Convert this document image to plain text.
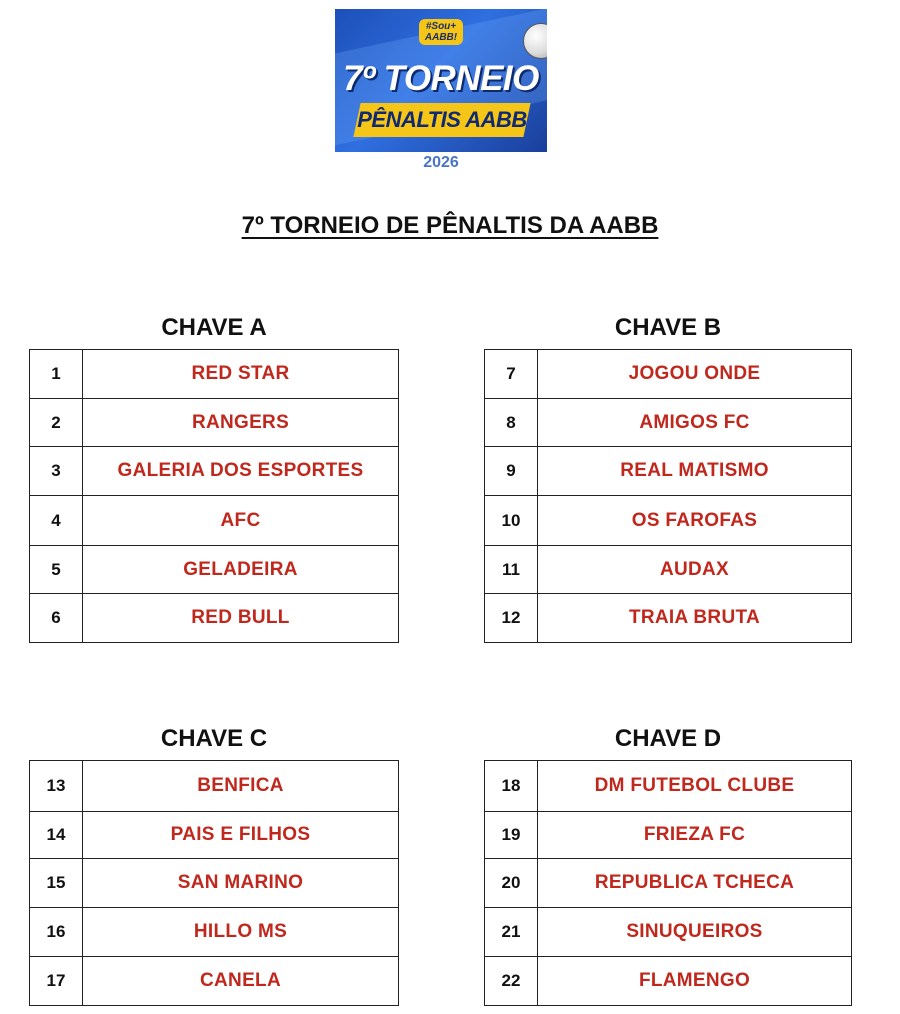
#Sou+ AABB!
7º TORNEIO
PÊNALTIS AABB
2026
7º TORNEIO DE PÊNALTIS DA AABB
CHAVE A
1	RED STAR
2	RANGERS
3	GALERIA DOS ESPORTES
4	AFC
5	GELADEIRA
6	RED BULL
CHAVE B
7	JOGOU ONDE
8	AMIGOS FC
9	REAL MATISMO
10	OS FAROFAS
11	AUDAX
12	TRAIA BRUTA
CHAVE C
13	BENFICA
14	PAIS E FILHOS
15	SAN MARINO
16	HILLO MS
17	CANELA
CHAVE D
18	DM FUTEBOL CLUBE
19	FRIEZA FC
20	REPUBLICA TCHECA
21	SINUQUEIROS
22	FLAMENGO
